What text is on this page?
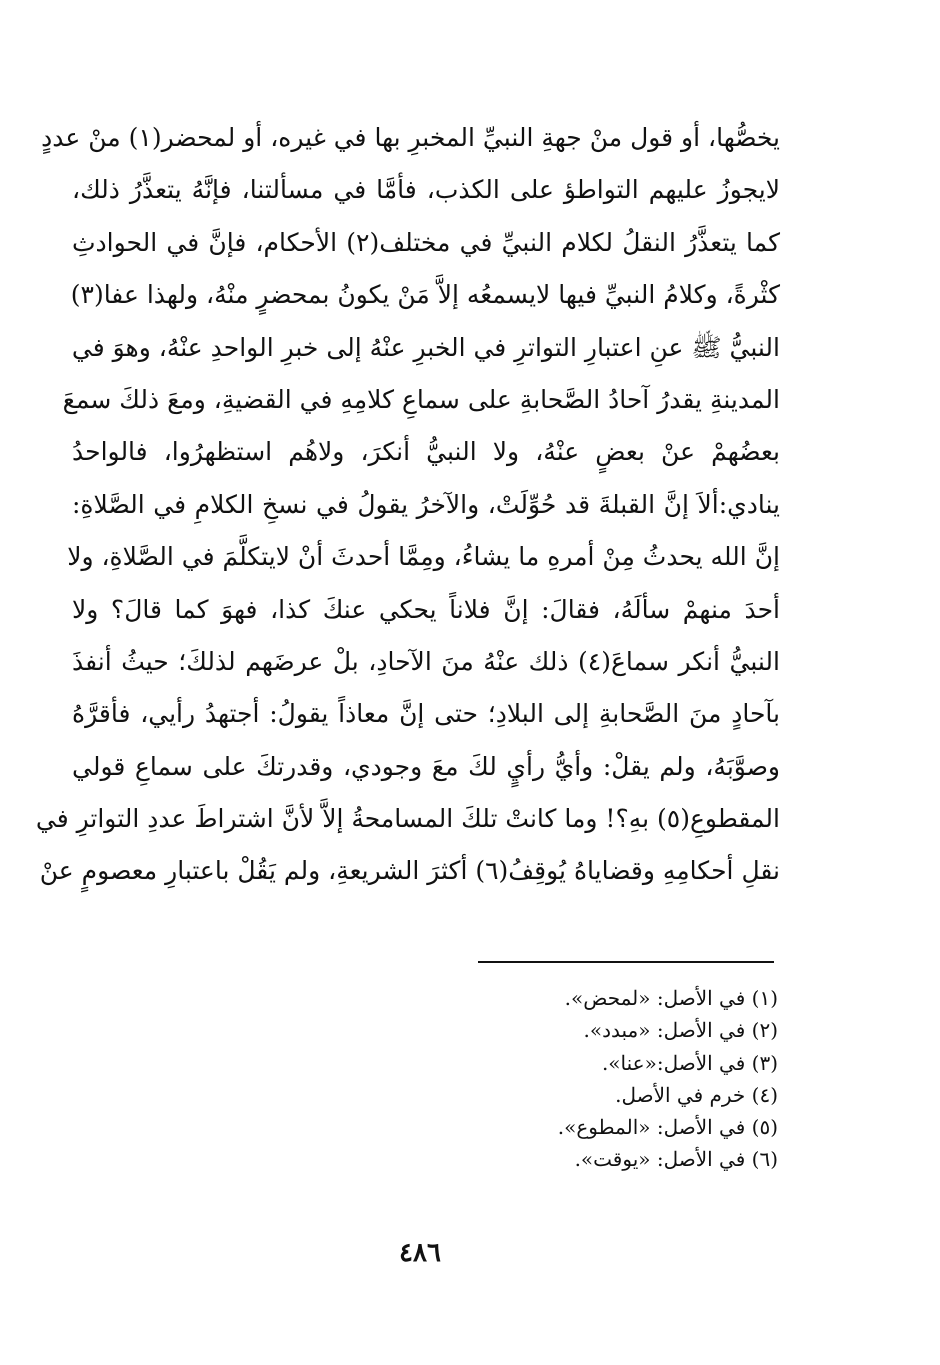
يخصُّها، أو قول منْ جهةِ النبيِّ المخبرِ بها في غيره، أو لمحضر(١) منْ عددٍ
لايجوزُ عليهم التواطؤ على الكذب، فأمَّا في مسألتنا، فإنَّهُ يتعذَّرُ ذلك،
كما يتعذَّرُ النقلُ لكلام النبيِّ في مختلف(٢) الأحكام، فإنَّ في الحوادثِ
كثْرةً، وكلامُ النبيِّ فيها لايسمعُه إلاَّ مَنْ يكونُ بمحضرٍ منْهُ، ولهذا عفا(٣)
النبيُّ ﷺ عنِ اعتبارِ التواترِ في الخبرِ عنْهُ إلى خبرِ الواحدِ عنْهُ، وهوَ في
المدينةِ يقدرُ آحادُ الصَّحابةِ على سماعِ كلامِهِ في القضيةِ، ومعَ ذلكَ سمعَ
بعضُهمْ عنْ بعضٍ عنْهُ، ولا النبيُّ أنكرَ، ولاهُم استظهرُوا، فالواحدُ
ينادي:ألاَ إنَّ القبلةَ قد حُوِّلَتْ، والآخرُ يقولُ في نسخِ الكلامِ في الصَّلاةِ:
إنَّ الله يحدثُ مِنْ أمرهِ ما يشاءُ، ومِمَّا أحدثَ أنْ لايتكلَّمَ في الصَّلاةِ، ولا
أحدَ منهمْ سألَهُ، فقالَ: إنَّ فلاناً يحكي عنكَ كذا، فهوَ كما قالَ؟ ولا
النبيُّ أنكر سماعَ(٤) ذلك عنْهُ منَ الآحادِ، بلْ عرضَهم لذلكَ؛ حيثُ أنفذَ
بآحادٍ منَ الصَّحابةِ إلى البلادِ؛ حتى إنَّ معاذاً يقولُ: أجتهدُ رأيي، فأقرَّهُ
وصوَّبَهُ، ولم يقلْ: وأيُّ رأيٍ لكَ معَ وجودي، وقدرتكَ على سماعِ قولي
المقطوعِ(٥) بهِ؟! وما كانتْ تلكَ المسامحةُ إلاَّ لأنَّ اشتراطَ عددِ التواترِ في
نقلِ أحكامِهِ وقضاياهُ يُوقِفُ(٦) أكثرَ الشريعةِ، ولم يَقُلْ باعتبارِ معصومٍ عنْ
(١) في الأصل: «لمحض».
(٢) في الأصل: «مبدد».
(٣) في الأصل:«عنا».
(٤) خرم في الأصل.
(٥) في الأصل: «المطوع».
(٦) في الأصل: «يوقت».
٤٨٦
